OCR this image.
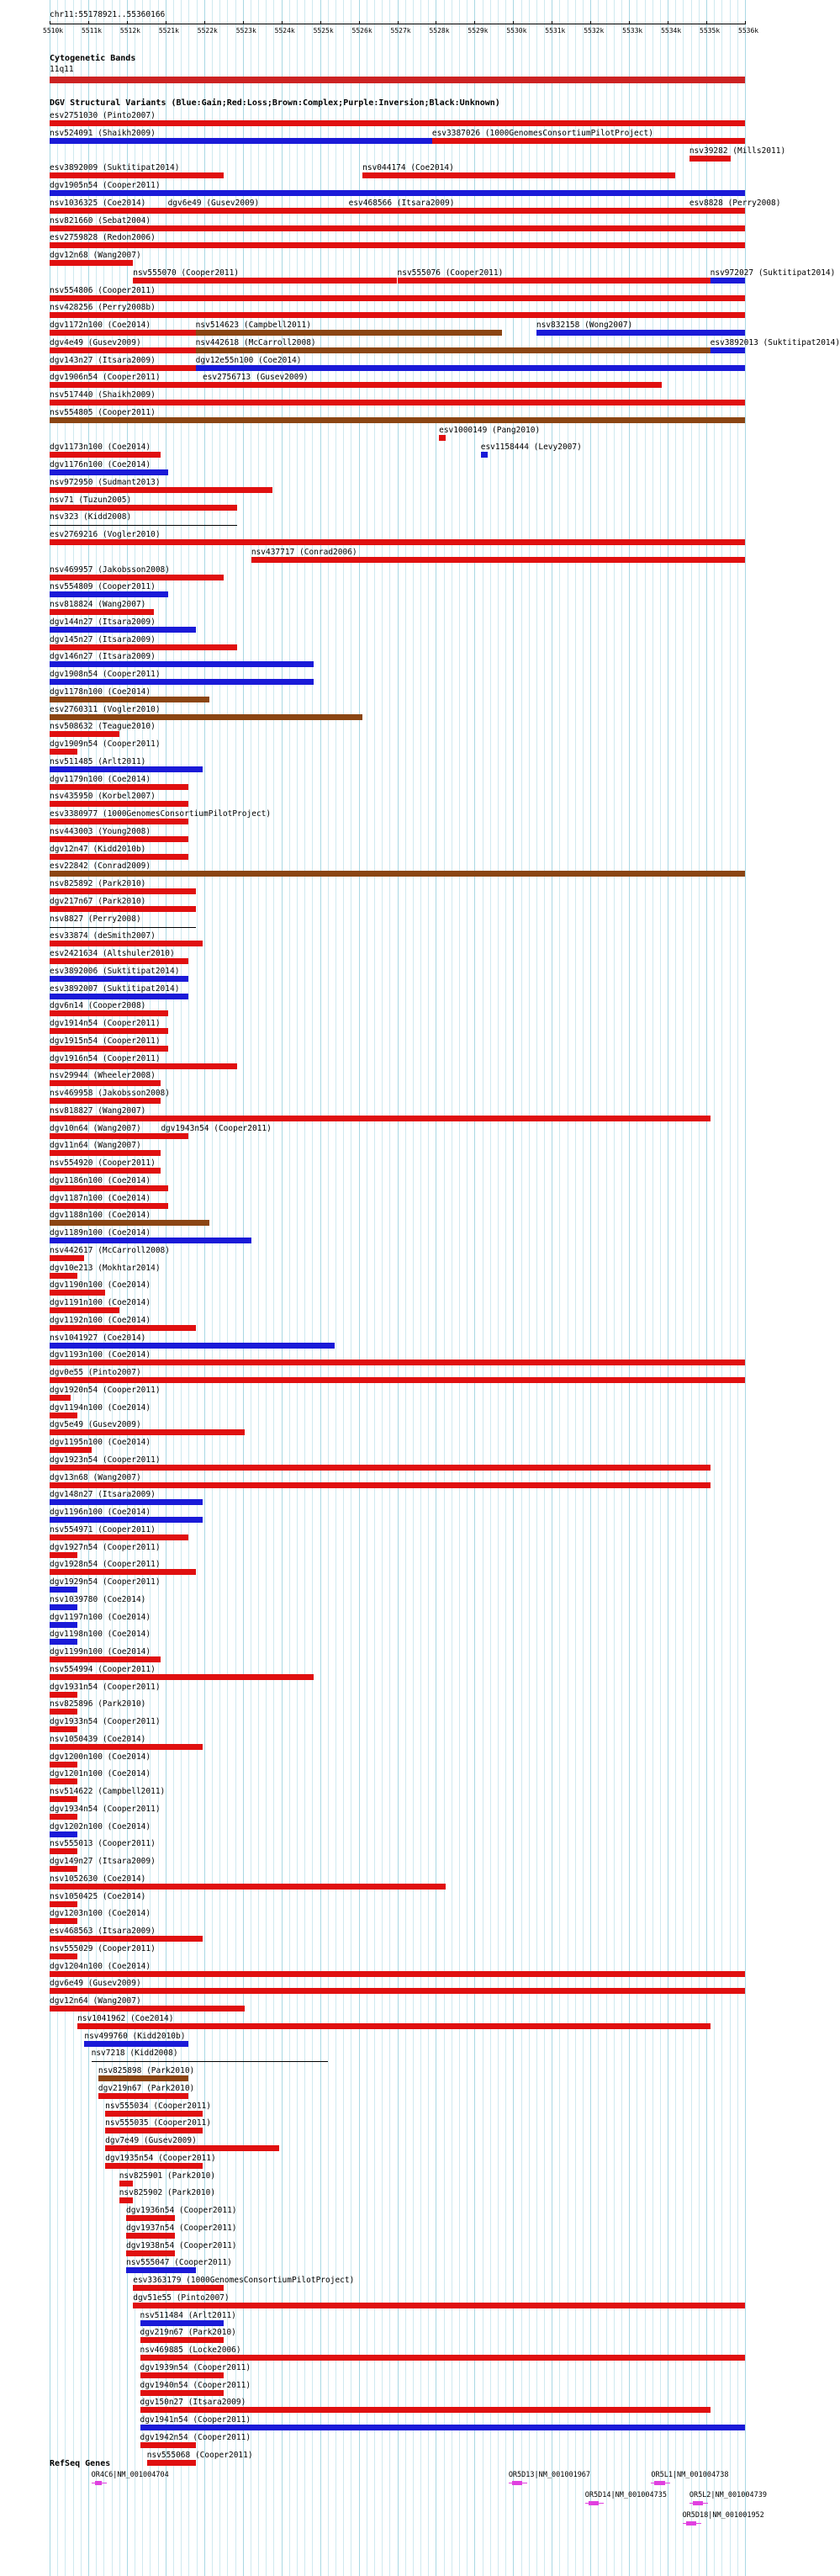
chr11:55178921..55360166
5510k	5511k	5512k	5521k	5522k	5523k	5524k	5525k	5526k	5527k	5528k	5529k	5530k	5531k	5532k	5533k	5534k	5535k	5536k
Cytogenetic Bands
11q11
DGV Structural Variants (Blue:Gain;Red:Loss;Brown:Complex;Purple:Inversion;Black:Unknown)
esv2751030 (Pinto2007)
nsv524091 (Shaikh2009)	esv3387026 (1000GenomesConsortiumPilotProject)
nsv39282 (Mills2011)
esv3892009 (Suktitipat2014)	nsv044174 (Coe2014)
dgv1905n54 (Cooper2011)
nsv1036325 (Coe2014)	dgv6e49 (Gusev2009)	esv468566 (Itsara2009)	esv8828 (Perry2008)
nsv821660 (Sebat2004)
esv2759828 (Redon2006)
dgv12n68 (Wang2007)
nsv555070 (Cooper2011)	nsv555076 (Cooper2011)	nsv972027 (Suktitipat2014)
nsv554806 (Cooper2011)
nsv428256 (Perry2008b)
dgv1172n100 (Coe2014)	nsv514623 (Campbell2011)	nsv832158 (Wong2007)
dgv4e49 (Gusev2009)	nsv442618 (McCarroll2008)	esv3892013 (Suktitipat2014)
dgv143n27 (Itsara2009)	dgv12e55n100 (Coe2014)
dgv1906n54 (Cooper2011)	esv2756713 (Gusev2009)
nsv517440 (Shaikh2009)
nsv554805 (Cooper2011)
esv1000149 (Pang2010)
dgv1173n100 (Coe2014)	esv1158444 (Levy2007)
dgv1176n100 (Coe2014)
nsv972950 (Sudmant2013)
nsv71 (Tuzun2005)
nsv323 (Kidd2008)
esv2769216 (Vogler2010)
nsv437717 (Conrad2006)
nsv469957 (Jakobsson2008)
nsv554809 (Cooper2011)
nsv818824 (Wang2007)
dgv144n27 (Itsara2009)
dgv145n27 (Itsara2009)
dgv146n27 (Itsara2009)
dgv1908n54 (Cooper2011)
dgv1178n100 (Coe2014)
esv2760311 (Vogler2010)
nsv508632 (Teague2010)
dgv1909n54 (Cooper2011)
nsv511485 (Arlt2011)
dgv1179n100 (Coe2014)
nsv435950 (Korbel2007)
esv3380977 (1000GenomesConsortiumPilotProject)
nsv443003 (Young2008)
dgv12n47 (Kidd2010b)
esv22842 (Conrad2009)
nsv825892 (Park2010)
dgv217n67 (Park2010)
nsv8827 (Perry2008)
esv33874 (deSmith2007)
esv2421634 (Altshuler2010)
esv3892006 (Suktitipat2014)
esv3892007 (Suktitipat2014)
dgv6n14 (Cooper2008)
dgv1914n54 (Cooper2011)
dgv1915n54 (Cooper2011)
dgv1916n54 (Cooper2011)
nsv29944 (Wheeler2008)
nsv469958 (Jakobsson2008)
nsv818827 (Wang2007)
dgv10n64 (Wang2007) dgv1943n54 (Cooper2011)
dgv11n64 (Wang2007)
nsv554920 (Cooper2011)
dgv1186n100 (Coe2014)
dgv1187n100 (Coe2014)
dgv1188n100 (Coe2014)
dgv1189n100 (Coe2014)
nsv442617 (McCarroll2008)
dgv10e213 (Mokhtar2014)
dgv1190n100 (Coe2014)
dgv1191n100 (Coe2014)
dgv1192n100 (Coe2014)
nsv1041927 (Coe2014)
dgv1193n100 (Coe2014)
dgv0e55 (Pinto2007)
dgv1920n54 (Cooper2011)
dgv1194n100 (Coe2014)
dgv5e49 (Gusev2009)
dgv1195n100 (Coe2014)
dgv1923n54 (Cooper2011)
dgv13n68 (Wang2007)
dgv148n27 (Itsara2009)
dgv1196n100 (Coe2014)
nsv554971 (Cooper2011)
dgv1927n54 (Cooper2011)
dgv1928n54 (Cooper2011)
dgv1929n54 (Cooper2011)
nsv1039780 (Coe2014)
dgv1197n100 (Coe2014)
dgv1198n100 (Coe2014)
dgv1199n100 (Coe2014)
nsv554994 (Cooper2011)
dgv1931n54 (Cooper2011)
nsv825896 (Park2010)
dgv1933n54 (Cooper2011)
nsv1050439 (Coe2014)
dgv1200n100 (Coe2014)
dgv1201n100 (Coe2014)
nsv514622 (Campbell2011)
dgv1934n54 (Cooper2011)
dgv1202n100 (Coe2014)
nsv555013 (Cooper2011)
dgv149n27 (Itsara2009)
nsv1052630 (Coe2014)
nsv1050425 (Coe2014)
dgv1203n100 (Coe2014)
esv468563 (Itsara2009)
nsv555029 (Cooper2011)
dgv1204n100 (Coe2014)
dgv6e49 (Gusev2009)
dgv12n64 (Wang2007)
nsv1041962 (Coe2014)
nsv499760 (Kidd2010b)
nsv7218 (Kidd2008)
nsv825898 (Park2010)
dgv219n67 (Park2010)
nsv555034 (Cooper2011)
nsv555035 (Cooper2011)
dgv7e49 (Gusev2009)
dgv1935n54 (Cooper2011)
nsv825901 (Park2010)
nsv825902 (Park2010)
dgv1936n54 (Cooper2011)
dgv1937n54 (Cooper2011)
dgv1938n54 (Cooper2011)
nsv555047 (Cooper2011)
esv3363179 (1000GenomesConsortiumPilotProject)
dgv51e55 (Pinto2007)
nsv511484 (Arlt2011)
dgv219n67 (Park2010)
nsv469885 (Locke2006)
dgv1939n54 (Cooper2011)
dgv1940n54 (Cooper2011)
dgv150n27 (Itsara2009)
dgv1941n54 (Cooper2011)
dgv1942n54 (Cooper2011)
nsv555068 (Cooper2011)
RefSeq Genes
OR4C6|NM_001004704	OR5D13|NM_001001967	OR5L1|NM_001004738
OR5D14|NM_001004735	OR5L2|NM_001004739
OR5D18|NM_001001952
